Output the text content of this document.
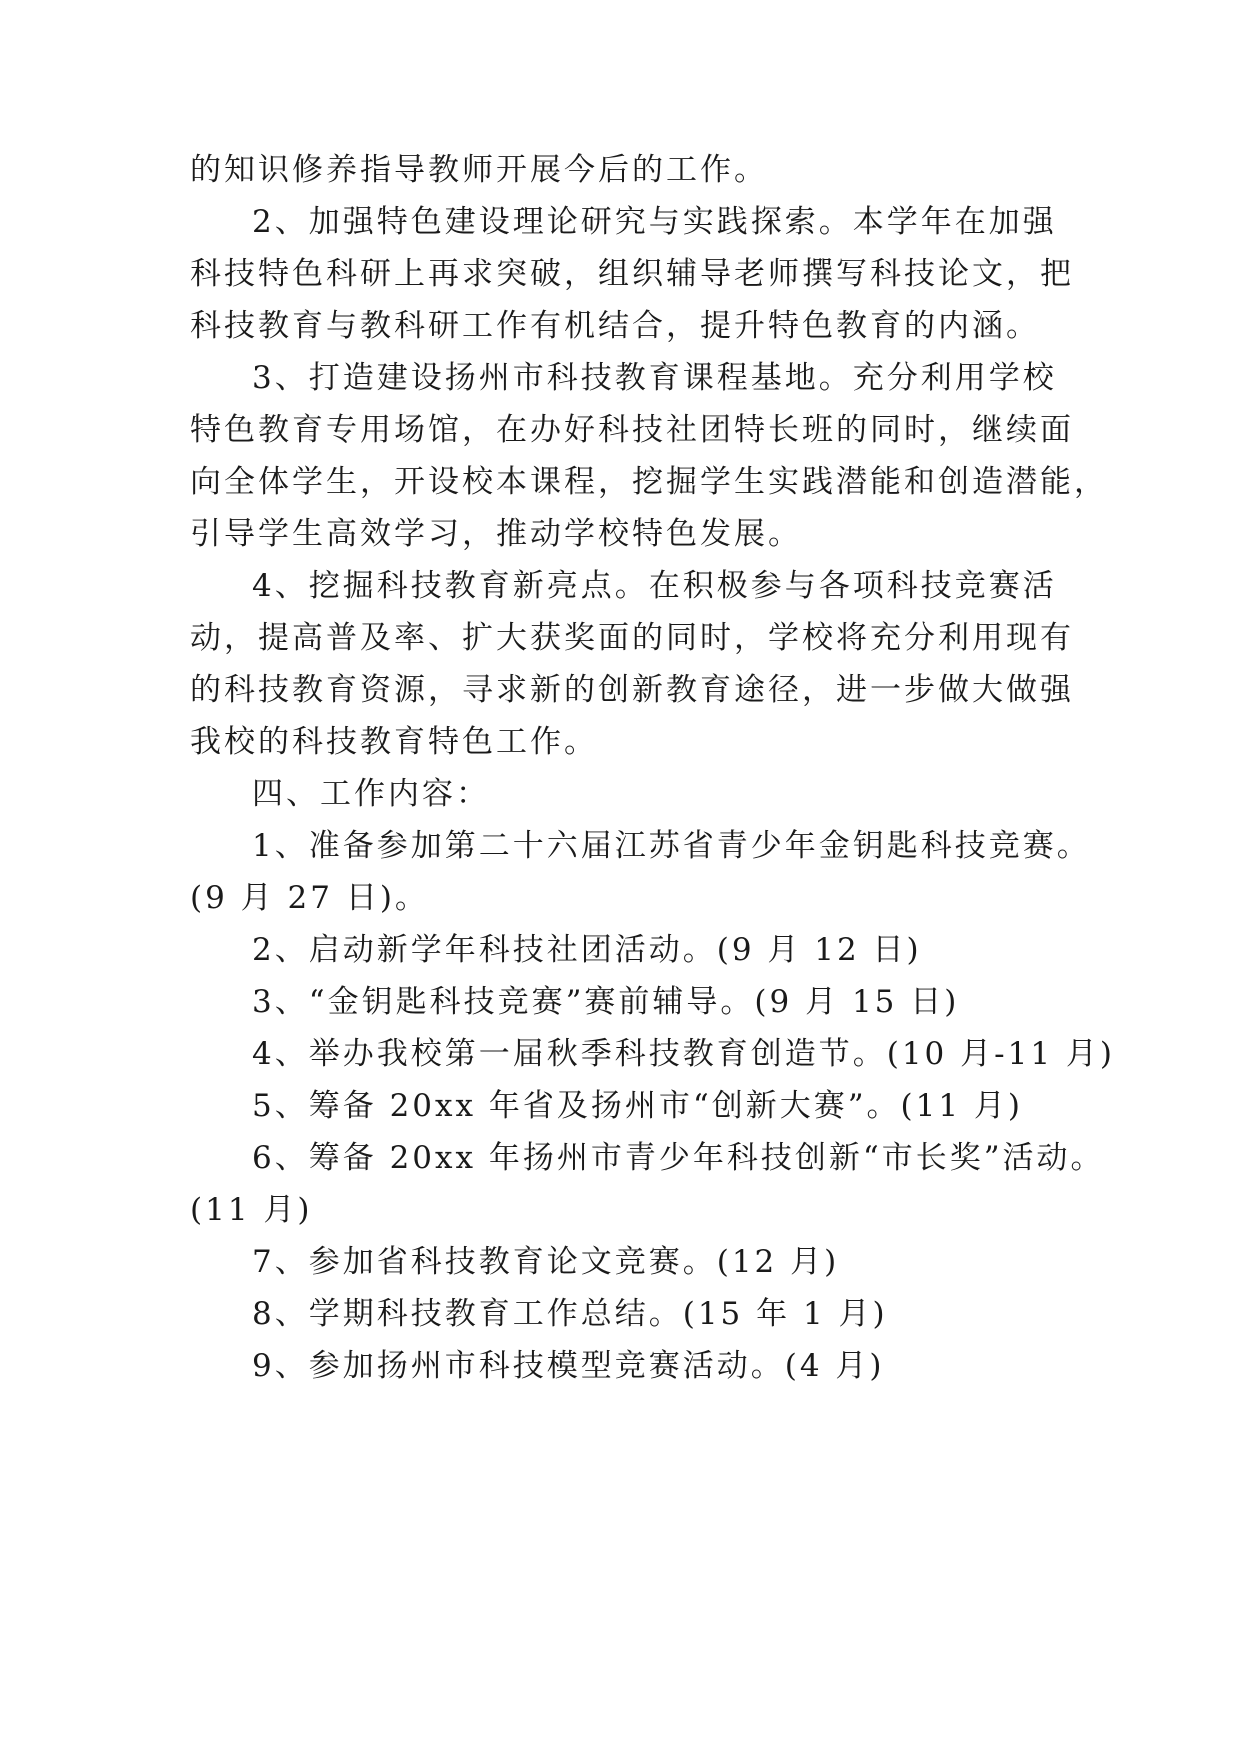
的知识修养指导教师开展今后的工作。
2、加强特色建设理论研究与实践探索。本学年在加强
科技特色科研上再求突破，组织辅导老师撰写科技论文，把
科技教育与教科研工作有机结合，提升特色教育的内涵。
3、打造建设扬州市科技教育课程基地。充分利用学校
特色教育专用场馆，在办好科技社团特长班的同时，继续面
向全体学生，开设校本课程，挖掘学生实践潜能和创造潜能，
引导学生高效学习，推动学校特色发展。
4、挖掘科技教育新亮点。在积极参与各项科技竞赛活
动，提高普及率、扩大获奖面的同时，学校将充分利用现有
的科技教育资源，寻求新的创新教育途径，进一步做大做强
我校的科技教育特色工作。
四、工作内容：
1、准备参加第二十六届江苏省青少年金钥匙科技竞赛。
(9 月 27 日)。
2、启动新学年科技社团活动。(9 月 12 日)
3、“金钥匙科技竞赛”赛前辅导。(9 月 15 日)
4、举办我校第一届秋季科技教育创造节。(10 月-11 月)
5、筹备 20xx 年省及扬州市“创新大赛”。(11 月)
6、筹备 20xx 年扬州市青少年科技创新“市长奖”活动。
(11 月)
7、参加省科技教育论文竞赛。(12 月)
8、学期科技教育工作总结。(15 年 1 月)
9、参加扬州市科技模型竞赛活动。(4 月)
